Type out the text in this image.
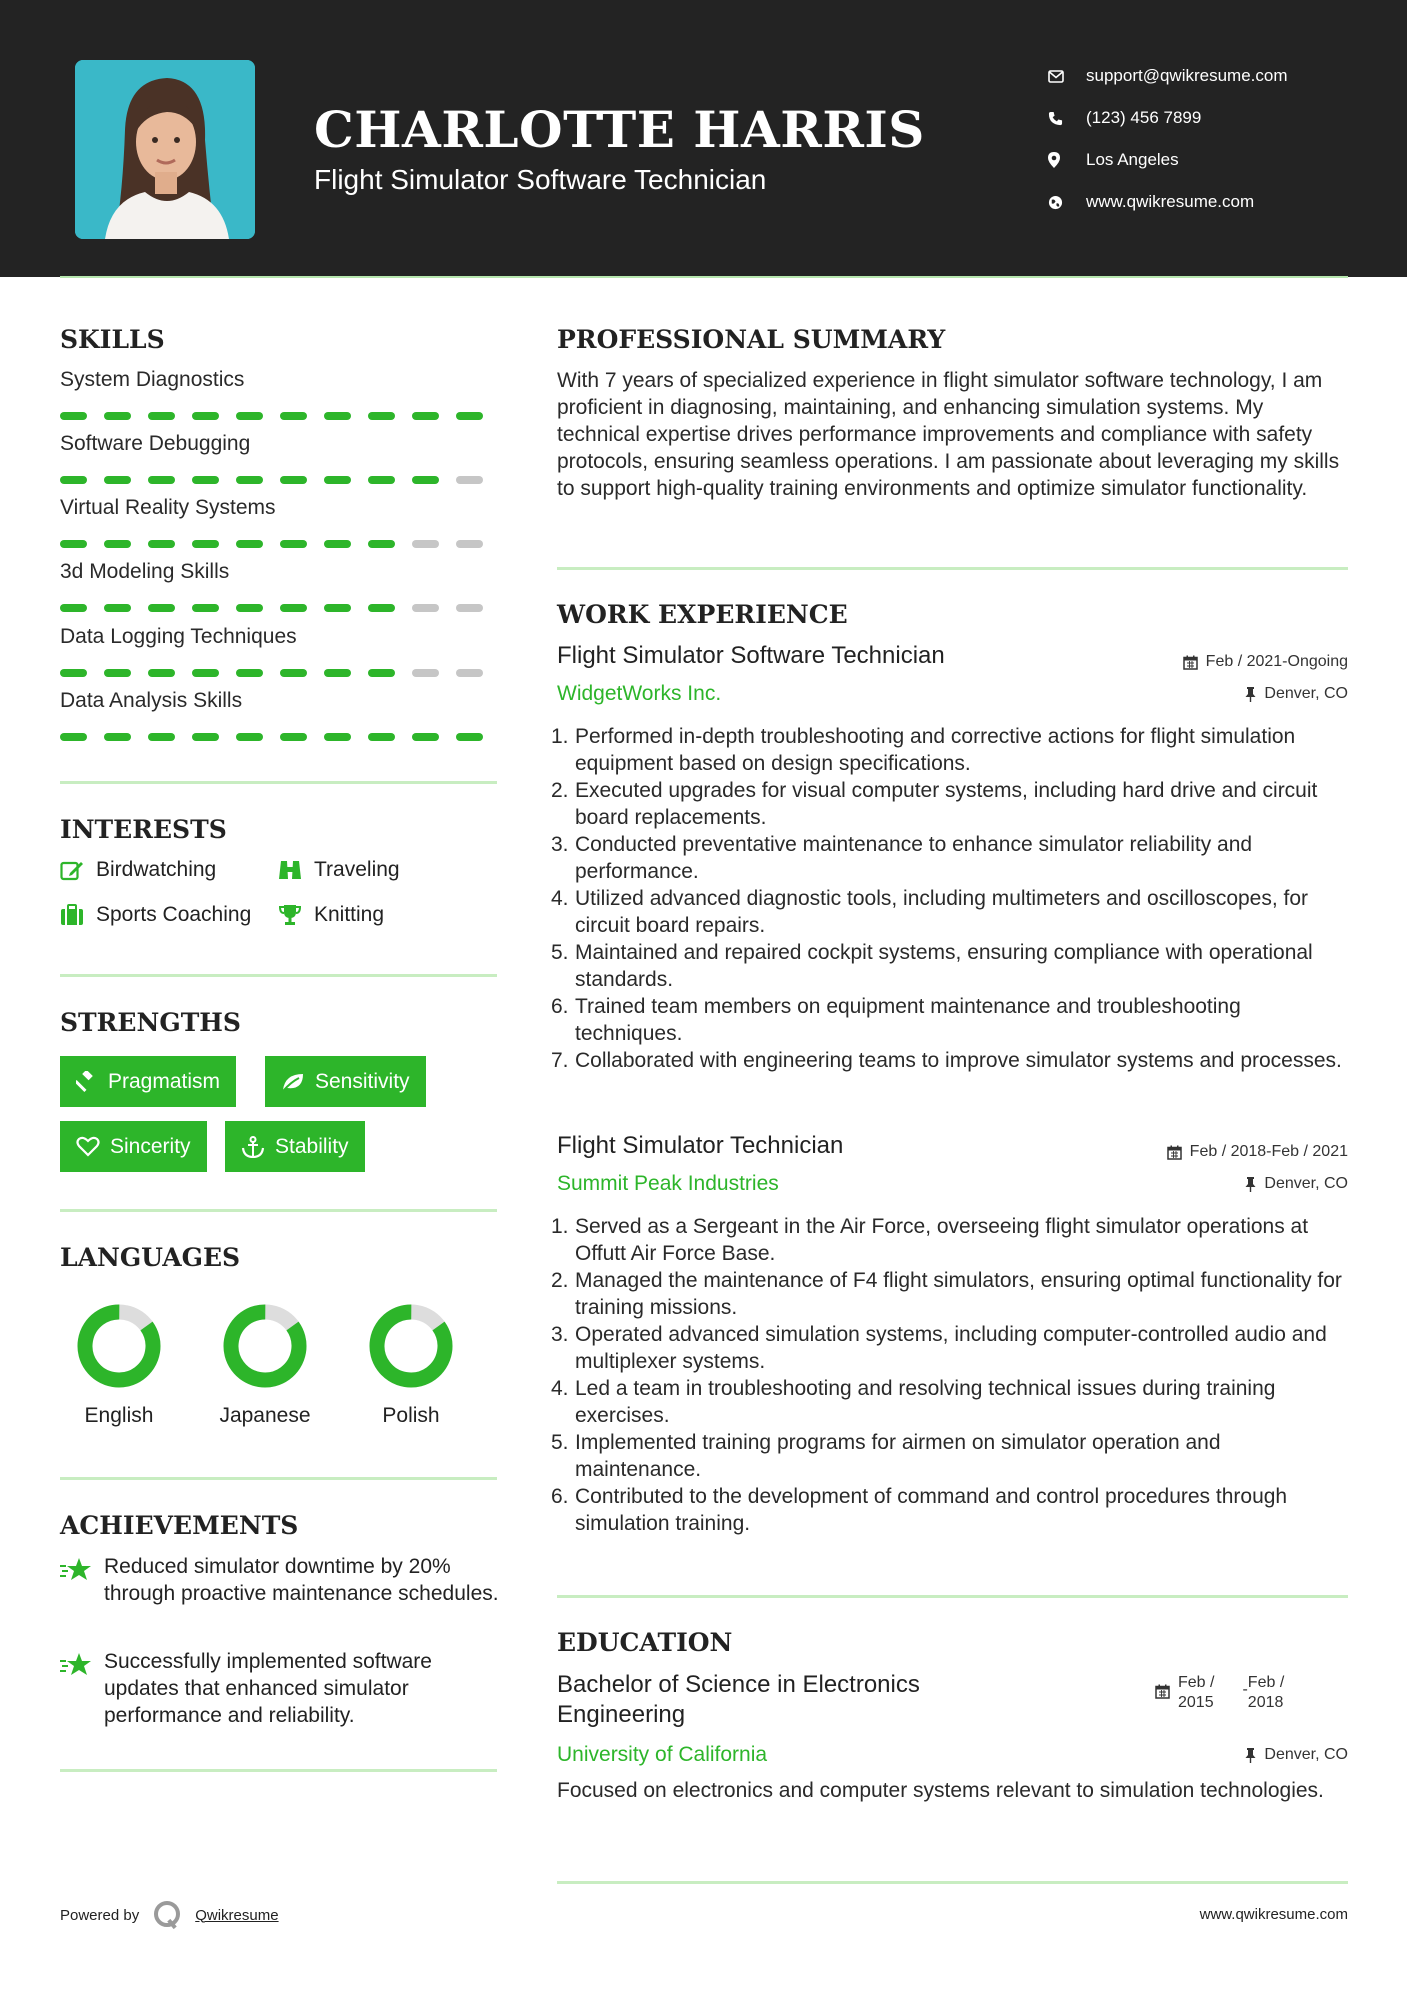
CHARLOTTE HARRIS
Flight Simulator Software Technician
support@qwikresume.com
(123) 456 7899
Los Angeles
www.qwikresume.com
SKILLS
System Diagnostics
Software Debugging
Virtual Reality Systems
3d Modeling Skills
Data Logging Techniques
Data Analysis Skills
INTERESTS
Birdwatching	Traveling
Sports Coaching	Knitting
STRENGTHS
Pragmatism	Sensitivity
Sincerity	Stability
LANGUAGES
English	Japanese	Polish
ACHIEVEMENTS
Reduced simulator downtime by 20% through proactive maintenance schedules.
Successfully implemented software updates that enhanced simulator performance and reliability.
PROFESSIONAL SUMMARY
With 7 years of specialized experience in flight simulator software technology, I am proficient in diagnosing, maintaining, and enhancing simulation systems. My technical expertise drives performance improvements and compliance with safety protocols, ensuring seamless operations. I am passionate about leveraging my skills to support high-quality training environments and optimize simulator functionality.
WORK EXPERIENCE
Flight Simulator Software Technician	Feb / 2021-Ongoing
WidgetWorks Inc.	Denver, CO
1. Performed in-depth troubleshooting and corrective actions for flight simulation equipment based on design specifications.
2. Executed upgrades for visual computer systems, including hard drive and circuit board replacements.
3. Conducted preventative maintenance to enhance simulator reliability and performance.
4. Utilized advanced diagnostic tools, including multimeters and oscilloscopes, for circuit board repairs.
5. Maintained and repaired cockpit systems, ensuring compliance with operational standards.
6. Trained team members on equipment maintenance and troubleshooting techniques.
7. Collaborated with engineering teams to improve simulator systems and processes.
Flight Simulator Technician	Feb / 2018-Feb / 2021
Summit Peak Industries	Denver, CO
1. Served as a Sergeant in the Air Force, overseeing flight simulator operations at Offutt Air Force Base.
2. Managed the maintenance of F4 flight simulators, ensuring optimal functionality for training missions.
3. Operated advanced simulation systems, including computer-controlled audio and multiplexer systems.
4. Led a team in troubleshooting and resolving technical issues during training exercises.
5. Implemented training programs for airmen on simulator operation and maintenance.
6. Contributed to the development of command and control procedures through simulation training.
EDUCATION
Bachelor of Science in Electronics
Engineering
Feb /
2015
- Feb /
2018
University of California	Denver, CO
Focused on electronics and computer systems relevant to simulation technologies.
Powered by	Qwikresume	www.qwikresume.com
